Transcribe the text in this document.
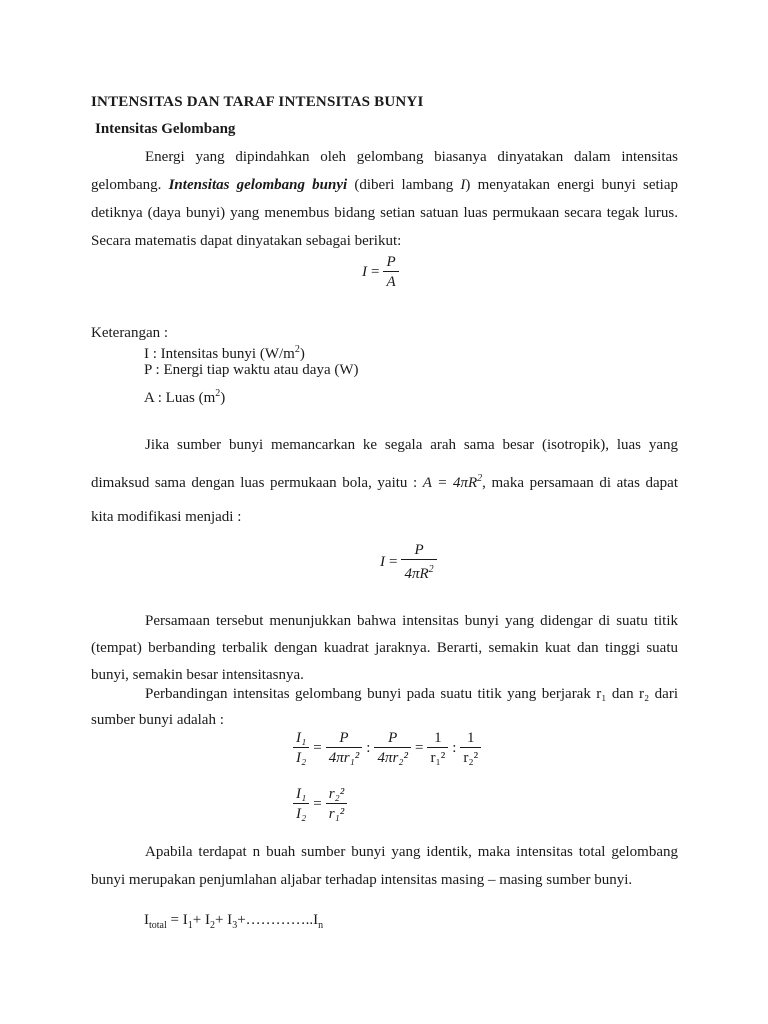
INTENSITAS DAN TARAF INTENSITAS BUNYI
Intensitas Gelombang
Energi yang dipindahkan oleh gelombang biasanya dinyatakan dalam intensitas
gelombang. Intensitas gelombang bunyi (diberi lambang I) menyatakan energi bunyi setiap
detiknya (daya bunyi) yang menembus bidang setian satuan luas permukaan secara tegak lurus.
Secara matematis dapat dinyatakan sebagai berikut:
$I = \frac{P}{A}$
Keterangan :
I : Intensitas bunyi $(W/m^2)$
P : Energi tiap waktu atau daya (W)
A : Luas $(m^2)$
Jika sumber bunyi memancarkan ke segala arah sama besar (isotropik), luas yang
dimaksud sama dengan luas permukaan bola, yaitu : $A = 4\pi R^2$, maka persamaan di atas dapat
kita modifikasi menjadi :
$I = \frac{P}{4\pi R^2}$
Persamaan tersebut menunjukkan bahwa intensitas bunyi yang didengar di suatu titik
(tempat) berbanding terbalik dengan kuadrat jaraknya. Berarti, semakin kuat dan tinggi suatu
bunyi, semakin besar intensitasnya.
Perbandingan intensitas gelombang bunyi pada suatu titik yang berjarak r₁ dan r₂ dari
sumber bunyi adalah :
$\frac{\text{I₁}}{\text{I₂}} = \frac{P}{\text{4πr₁²}}$ : $\frac{P}{\text{4πr₂²}} = \frac{1}{\text{r₁²}}$ : $\frac{1}{\text{r₂²}}$
$\frac{\text{I₁}}{\text{I₂}} = \frac{\text{r₂²}}{\text{r₁²}}$
Apabila terdapat n buah sumber bunyi yang identik, maka intensitas total gelombang
bunyi merupakan penjumlahan aljabar terhadap intensitas masing – masing sumber bunyi.
$I_{total} = I_1+ I_2+$ $I_3+\dots\dots\dots\dots..I_n$
